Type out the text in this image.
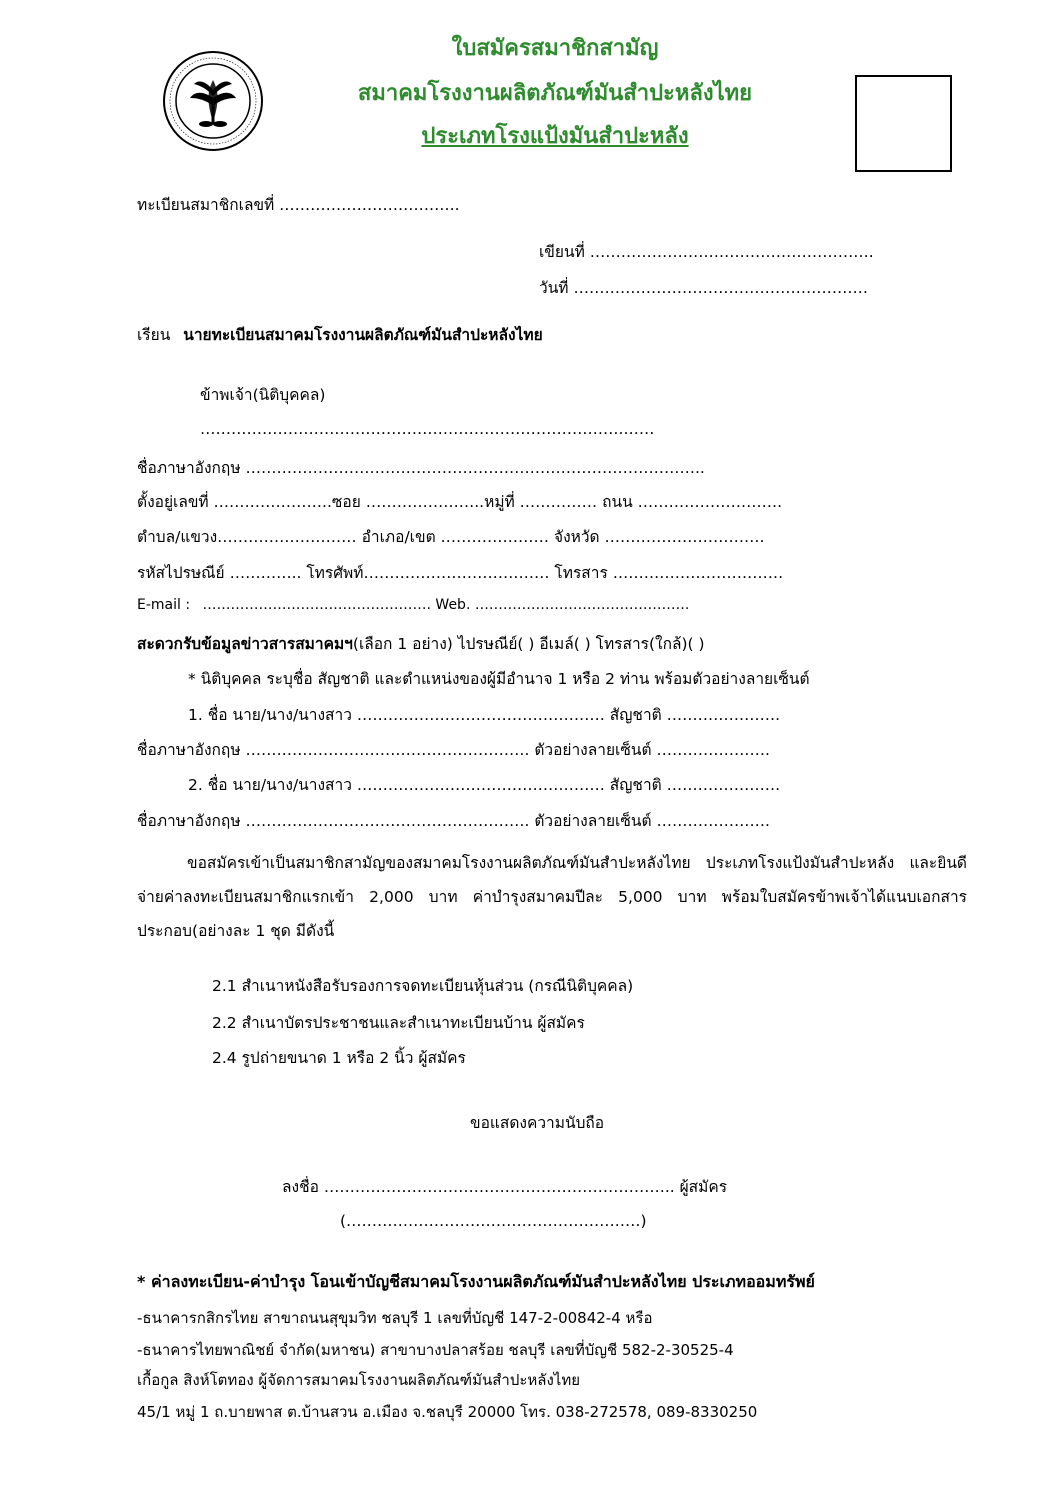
ใบสมัครสมาชิกสามัญ
สมาคมโรงงานผลิตภัณฑ์มันสำปะหลังไทย
ประเภทโรงแป้งมันสำปะหลัง
ทะเบียนสมาชิกเลขที่ ……………………………..
เขียนที่ ……………………………………………….
วันที่ …………………………………………………
เรียน นายทะเบียนสมาคมโรงงานผลิตภัณฑ์มันสำปะหลังไทย
ข้าพเจ้า(นิติบุคคล)
……………………………………………………………………….……
ชื่อภาษาอังกฤษ ……………………………………………………………………………..
ตั้งอยู่เลขที่ …………………..ซอย …………………..หมู่ที่ …………… ถนน ……………………….
ตำบล/แขวง……………………… อำเภอ/เขต ………………… จังหวัด ………………………….
รหัสไปรษณีย์ ………….. โทรศัพท์……………………………… โทรสาร ……………………………
E-mail : …………………………………………. Web. ……………………………………….
สะดวกรับข้อมูลข่าวสารสมาคมฯ(เลือก 1 อย่าง) ไปรษณีย์( ) อีเมล์( ) โทรสาร(ใกล้)( )
* นิติบุคคล ระบุชื่อ สัญชาติ และตำแหน่งของผู้มีอำนาจ 1 หรือ 2 ท่าน พร้อมตัวอย่างลายเซ็นต์
1. ชื่อ นาย/นาง/นางสาว ………………………………………… สัญชาติ ………………….
ชื่อภาษาอังกฤษ ………………………………………………. ตัวอย่างลายเซ็นต์ ………………….
2. ชื่อ นาย/นาง/นางสาว ………………………………………… สัญชาติ ………………….
ชื่อภาษาอังกฤษ ………………………………………………. ตัวอย่างลายเซ็นต์ ………………….
ขอสมัครเข้าเป็นสมาชิกสามัญของสมาคมโรงงานผลิตภัณฑ์มันสำปะหลังไทย ประเภทโรงแป้งมันสำปะหลัง และยินดีจ่ายค่าลงทะเบียนสมาชิกแรกเข้า 2,000 บาท ค่าบำรุงสมาคมปีละ 5,000 บาท พร้อมใบสมัครข้าพเจ้าได้แนบเอกสารประกอบ(อย่างละ 1 ชุด มีดังนี้
2.1 สำเนาหนังสือรับรองการจดทะเบียนหุ้นส่วน (กรณีนิติบุคคล)
2.2 สำเนาบัตรประชาชนและสำเนาทะเบียนบ้าน ผู้สมัคร
2.4 รูปถ่ายขนาด 1 หรือ 2 นิ้ว ผู้สมัคร
ขอแสดงความนับถือ
ลงชื่อ ………………………………………………………….. ผู้สมัคร
(…………………………………………………)
* ค่าลงทะเบียน-ค่าบำรุง โอนเข้าบัญชีสมาคมโรงงานผลิตภัณฑ์มันสำปะหลังไทย ประเภทออมทรัพย์
-ธนาคารกสิกรไทย สาขาถนนสุขุมวิท ชลบุรี 1 เลขที่บัญชี 147-2-00842-4 หรือ
-ธนาคารไทยพาณิชย์ จำกัด(มหาชน) สาขาบางปลาสร้อย ชลบุรี เลขที่บัญชี 582-2-30525-4
เกื้อกูล สิงห์โตทอง ผู้จัดการสมาคมโรงงานผลิตภัณฑ์มันสำปะหลังไทย
45/1 หมู่ 1 ถ.บายพาส ต.บ้านสวน อ.เมือง จ.ชลบุรี 20000 โทร. 038-272578, 089-8330250
